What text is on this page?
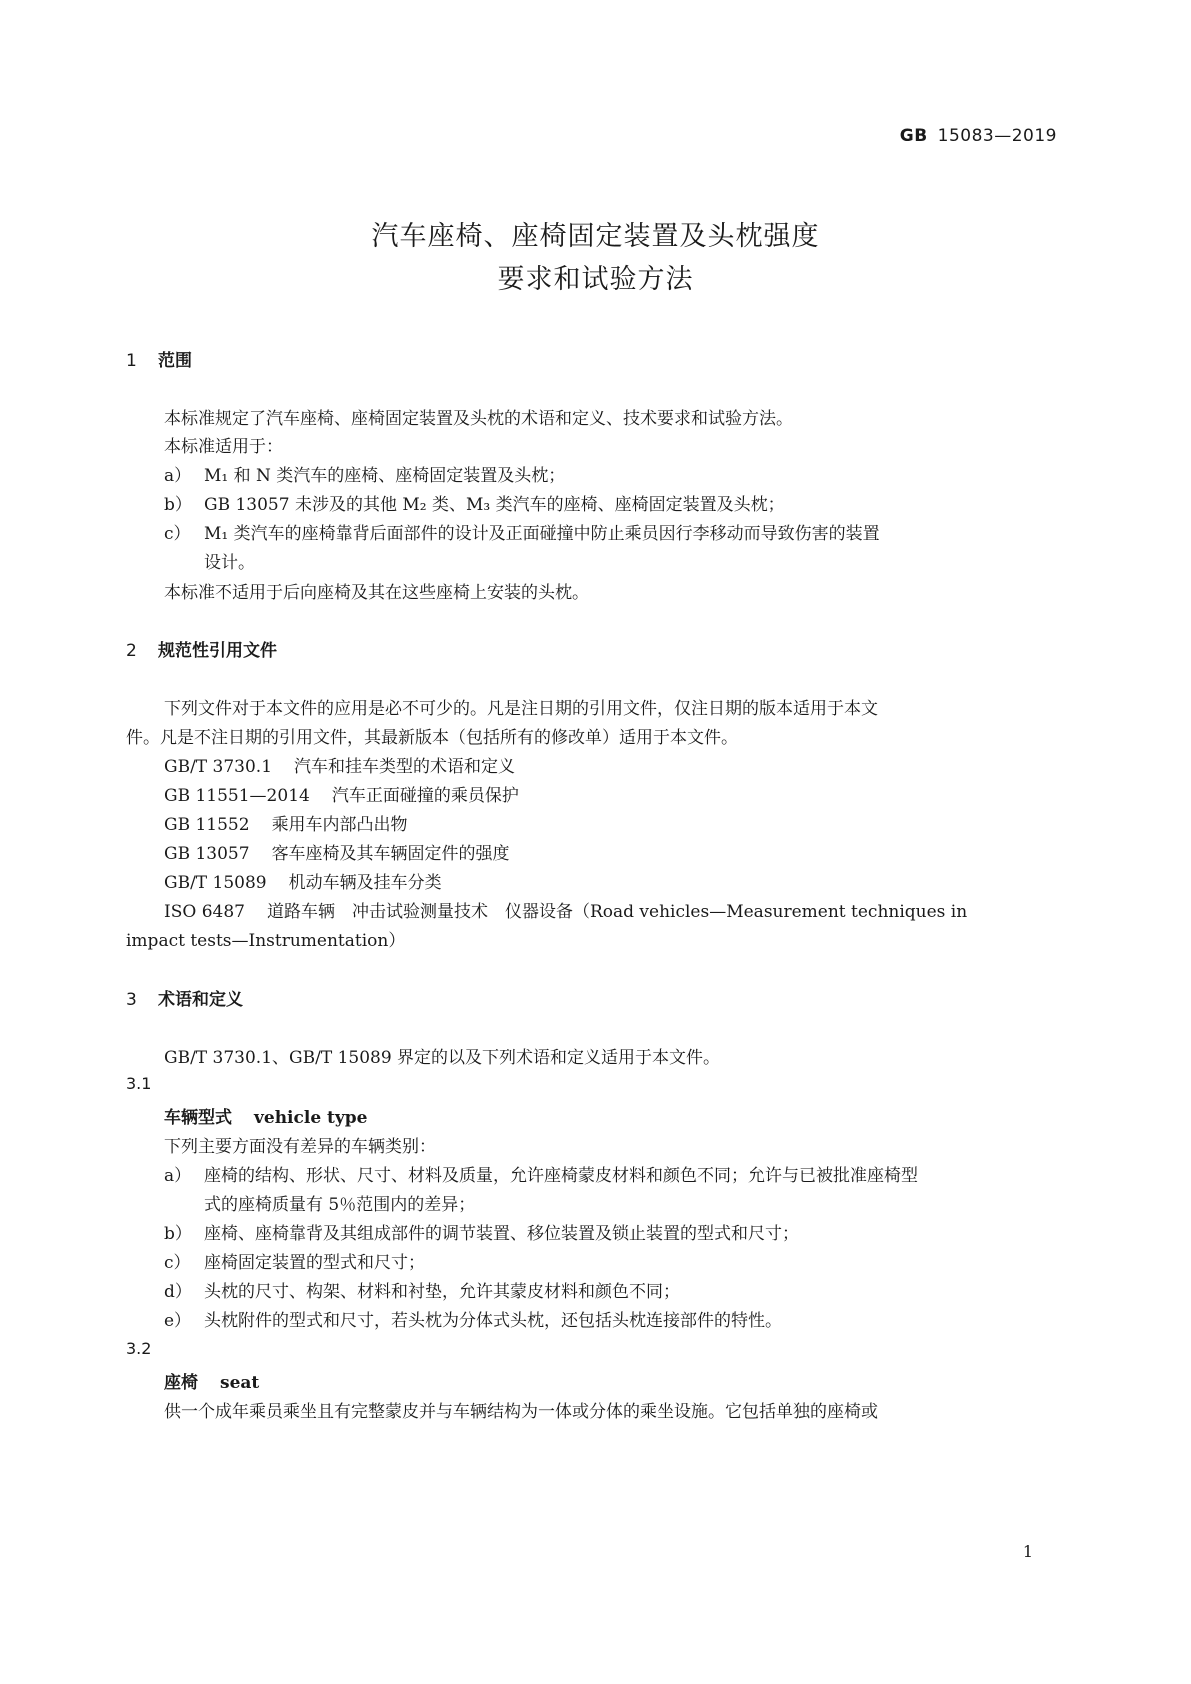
GB 15083—2019
汽车座椅、座椅固定装置及头枕强度
要求和试验方法
1 范围
本标准规定了汽车座椅、座椅固定装置及头枕的术语和定义、技术要求和试验方法。
本标准适用于：
a） M₁ 和 N 类汽车的座椅、座椅固定装置及头枕；
b） GB 13057 未涉及的其他 M₂ 类、M₃ 类汽车的座椅、座椅固定装置及头枕；
c） M₁ 类汽车的座椅靠背后面部件的设计及正面碰撞中防止乘员因行李移动而导致伤害的装置
设计。
本标准不适用于后向座椅及其在这些座椅上安装的头枕。
2 规范性引用文件
下列文件对于本文件的应用是必不可少的。凡是注日期的引用文件，仅注日期的版本适用于本文
件。凡是不注日期的引用文件，其最新版本（包括所有的修改单）适用于本文件。
GB/T 3730.1 汽车和挂车类型的术语和定义
GB 11551—2014 汽车正面碰撞的乘员保护
GB 11552 乘用车内部凸出物
GB 13057 客车座椅及其车辆固定件的强度
GB/T 15089 机动车辆及挂车分类
ISO 6487 道路车辆　冲击试验测量技术　仪器设备（Road vehicles—Measurement techniques in
impact tests—Instrumentation）
3 术语和定义
GB/T 3730.1、GB/T 15089 界定的以及下列术语和定义适用于本文件。
3.1
车辆型式 vehicle type
下列主要方面没有差异的车辆类别：
a） 座椅的结构、形状、尺寸、材料及质量，允许座椅蒙皮材料和颜色不同；允许与已被批准座椅型
式的座椅质量有 5％范围内的差异；
b） 座椅、座椅靠背及其组成部件的调节装置、移位装置及锁止装置的型式和尺寸；
c） 座椅固定装置的型式和尺寸；
d） 头枕的尺寸、构架、材料和衬垫，允许其蒙皮材料和颜色不同；
e） 头枕附件的型式和尺寸，若头枕为分体式头枕，还包括头枕连接部件的特性。
3.2
座椅 seat
供一个成年乘员乘坐且有完整蒙皮并与车辆结构为一体或分体的乘坐设施。它包括单独的座椅或
1
